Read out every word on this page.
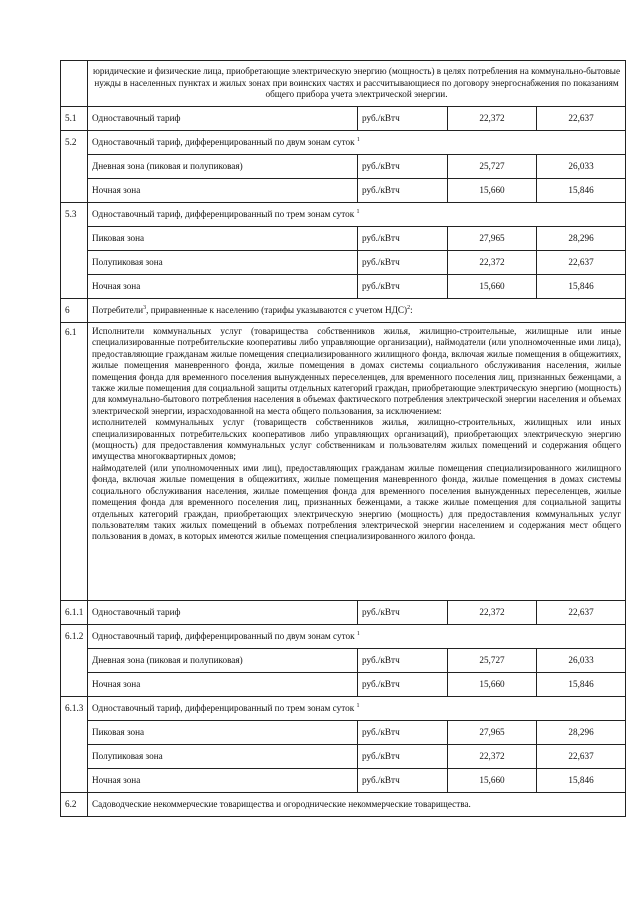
	юридические и физические лица, приобретающие электрическую энергию (мощность) в целях потребления на коммунально-бытовые нужды в населенных пунктах и жилых зонах при воинских частях и рассчитывающиеся по договору энергоснабжения по показаниям общего прибора учета электрической энергии.			
5.1	Одноставочный тариф	руб./кВтч	22,372	22,637
5.2	Одноставочный тариф, дифференцированный по двум зонам суток $^1$
	Дневная зона (пиковая и полупиковая)	руб./кВтч	25,727	26,033
	Ночная зона	руб./кВтч	15,660	15,846
5.3	Одноставочный тариф, дифференцированный по трем зонам суток $^1$
	Пиковая зона	руб./кВтч	27,965	28,296
	Полупиковая зона	руб./кВтч	22,372	22,637
	Ночная зона	руб./кВтч	15,660	15,846
6	Потребители$^3$, приравненные к населению (тарифы указываются с учетом НДС)$^2$:			
6.1	Исполнители коммунальных услуг (товарищества собственников жилья, жилищно-строительные, жилищные или иные специализированные потребительские кооперативы либо управляющие организации), наймодатели (или уполномоченные ими лица), предоставляющие гражданам жилые помещения специализированного жилищного фонда, включая жилые помещения в общежитиях, жилые помещения маневренного фонда, жилые помещения в домах системы социального обслуживания населения, жилые помещения фонда для временного поселения вынужденных переселенцев, для временного поселения лиц, признанных беженцами, а также жилые помещения для социальной защиты отдельных категорий граждан, приобретающие электрическую энергию (мощность) для коммунально-бытового потребления населения в объемах фактического потребления электрической энергии населения и объемах электрической энергии, израсходованной на места общего пользования, за исключением:

исполнителей коммунальных услуг (товариществ собственников жилья, жилищно-строительных, жилищных или иных специализированных потребительских кооперативов либо управляющих организаций), приобретающих электрическую энергию (мощность) для предоставления коммунальных услуг собственникам и пользователям жилых помещений и содержания общего имущества многоквартирных домов;

наймодателей (или уполномоченных ими лиц), предоставляющих гражданам жилые помещения специализированного жилищного фонда, включая жилые помещения в общежитиях, жилые помещения маневренного фонда, жилые помещения в домах системы социального обслуживания населения, жилые помещения фонда для временного поселения вынужденных переселенцев, жилые помещения фонда для временного поселения лиц, признанных беженцами, а также жилые помещения для социальной защиты отдельных категорий граждан, приобретающих электрическую энергию (мощность) для предоставления коммунальных услуг пользователям таких жилых помещений в объемах потребления электрической энергии населением и содержания мест общего пользования в домах, в которых имеются жилые помещения специализированного жилого фонда.			

6.1.1	Одноставочный тариф	руб./кВтч	22,372	22,637
6.1.2	Одноставочный тариф, дифференцированный по двум зонам суток $^1$
	Дневная зона (пиковая и полупиковая)	руб./кВтч	25,727	26,033
	Ночная зона	руб./кВтч	15,660	15,846
6.1.3	Одноставочный тариф, дифференцированный по трем зонам суток $^1$
	Пиковая зона	руб./кВтч	27,965	28,296
	Полупиковая зона	руб./кВтч	22,372	22,637
	Ночная зона	руб./кВтч	15,660	15,846
6.2	Садоводческие некоммерческие товарищества и огороднические некоммерческие товарищества.			
